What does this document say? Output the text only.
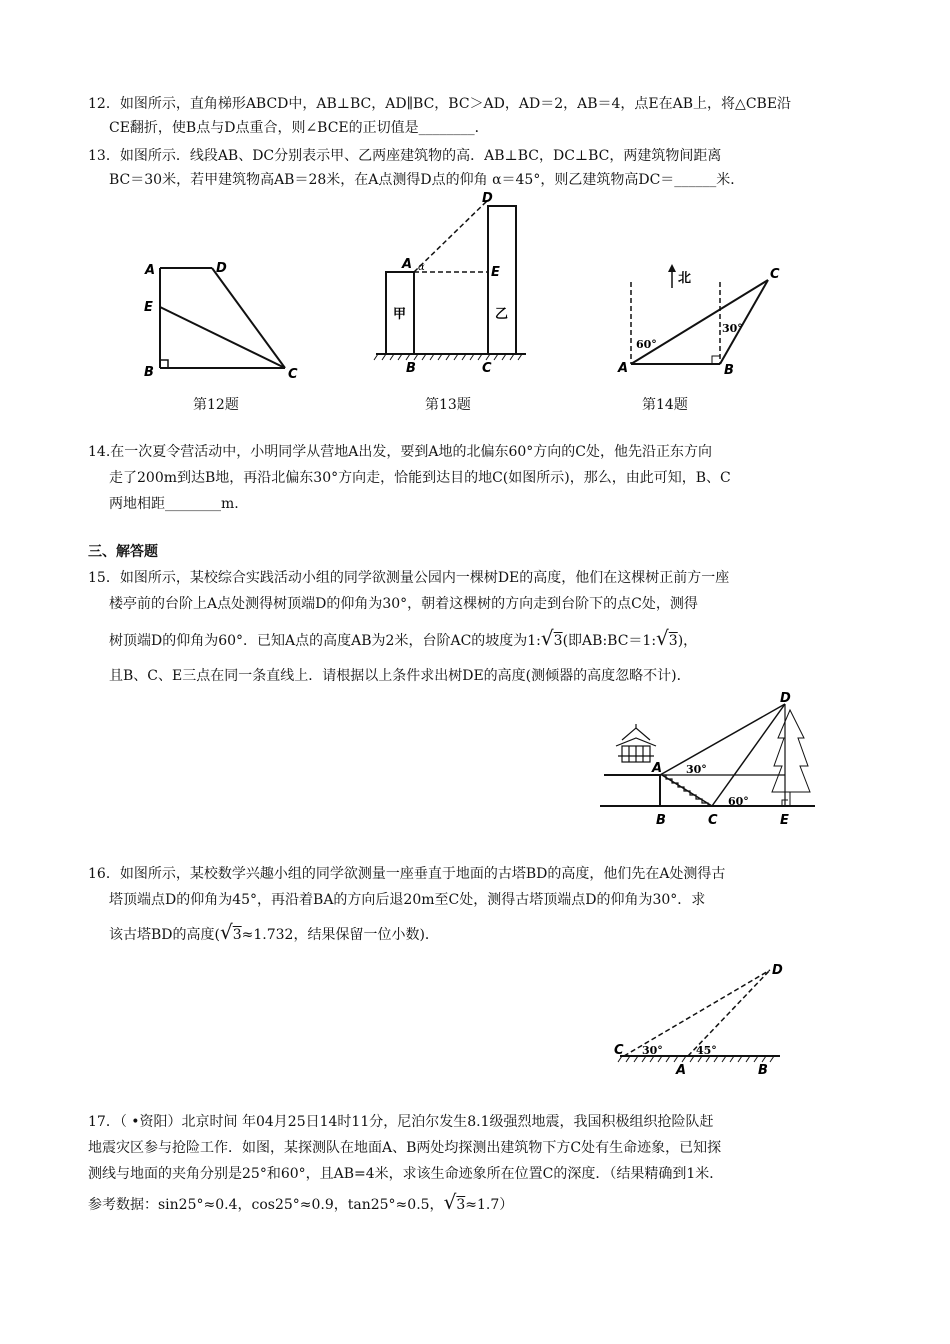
12．如图所示，直角梯形ABCD中，AB⊥BC，AD∥BC，BC＞AD，AD＝2，AB＝4，点E在AB上，将△CBE沿
CE翻折，使B点与D点重合，则∠BCE的正切值是________．
13．如图所示．线段AB、DC分别表示甲、乙两座建筑物的高．AB⊥BC，DC⊥BC，两建筑物间距离
BC＝30米，若甲建筑物高AB＝28米，在A点测得D点的仰角 α＝45°，则乙建筑物高DC＝______米．
A	D
E
B	C
第12题
D
A α	E
甲	乙
B	C
第13题
北	C
30°
60°
A	B
第14题
14.在一次夏令营活动中，小明同学从营地A出发，要到A地的北偏东60°方向的C处，他先沿正东方向
走了200m到达B地，再沿北偏东30°方向走，恰能到达目的地C(如图所示)，那么，由此可知，B、C
两地相距________m.
三、解答题
15．如图所示，某校综合实践活动小组的同学欲测量公园内一棵树DE的高度，他们在这棵树正前方一座
楼亭前的台阶上A点处测得树顶端D的仰角为30°，朝着这棵树的方向走到台阶下的点C处，测得
树顶端D的仰角为60°．已知A点的高度AB为2米，台阶AC的坡度为1:√3(即AB:BC＝1:√3)，
且B、C、E三点在同一条直线上．请根据以上条件求出树DE的高度(测倾器的高度忽略不计)．
D
A 30°
60°
B	C	E
16．如图所示，某校数学兴趣小组的同学欲测量一座垂直于地面的古塔BD的高度，他们先在A处测得古
塔顶端点D的仰角为45°，再沿着BA的方向后退20m至C处，测得古塔顶端点D的仰角为30°．求
该古塔BD的高度(√3≈1.732，结果保留一位小数)．
D
C 30°	45°
A	B
17．（ •资阳）北京时间 年04月25日14时11分，尼泊尔发生8.1级强烈地震，我国积极组织抢险队赶
地震灾区参与抢险工作．如图，某探测队在地面A、B两处均探测出建筑物下方C处有生命迹象，已知探
测线与地面的夹角分别是25°和60°，且AB=4米，求该生命迹象所在位置C的深度．（结果精确到1米．
参考数据：sin25°≈0.4，cos25°≈0.9，tan25°≈0.5，√3≈1.7）
